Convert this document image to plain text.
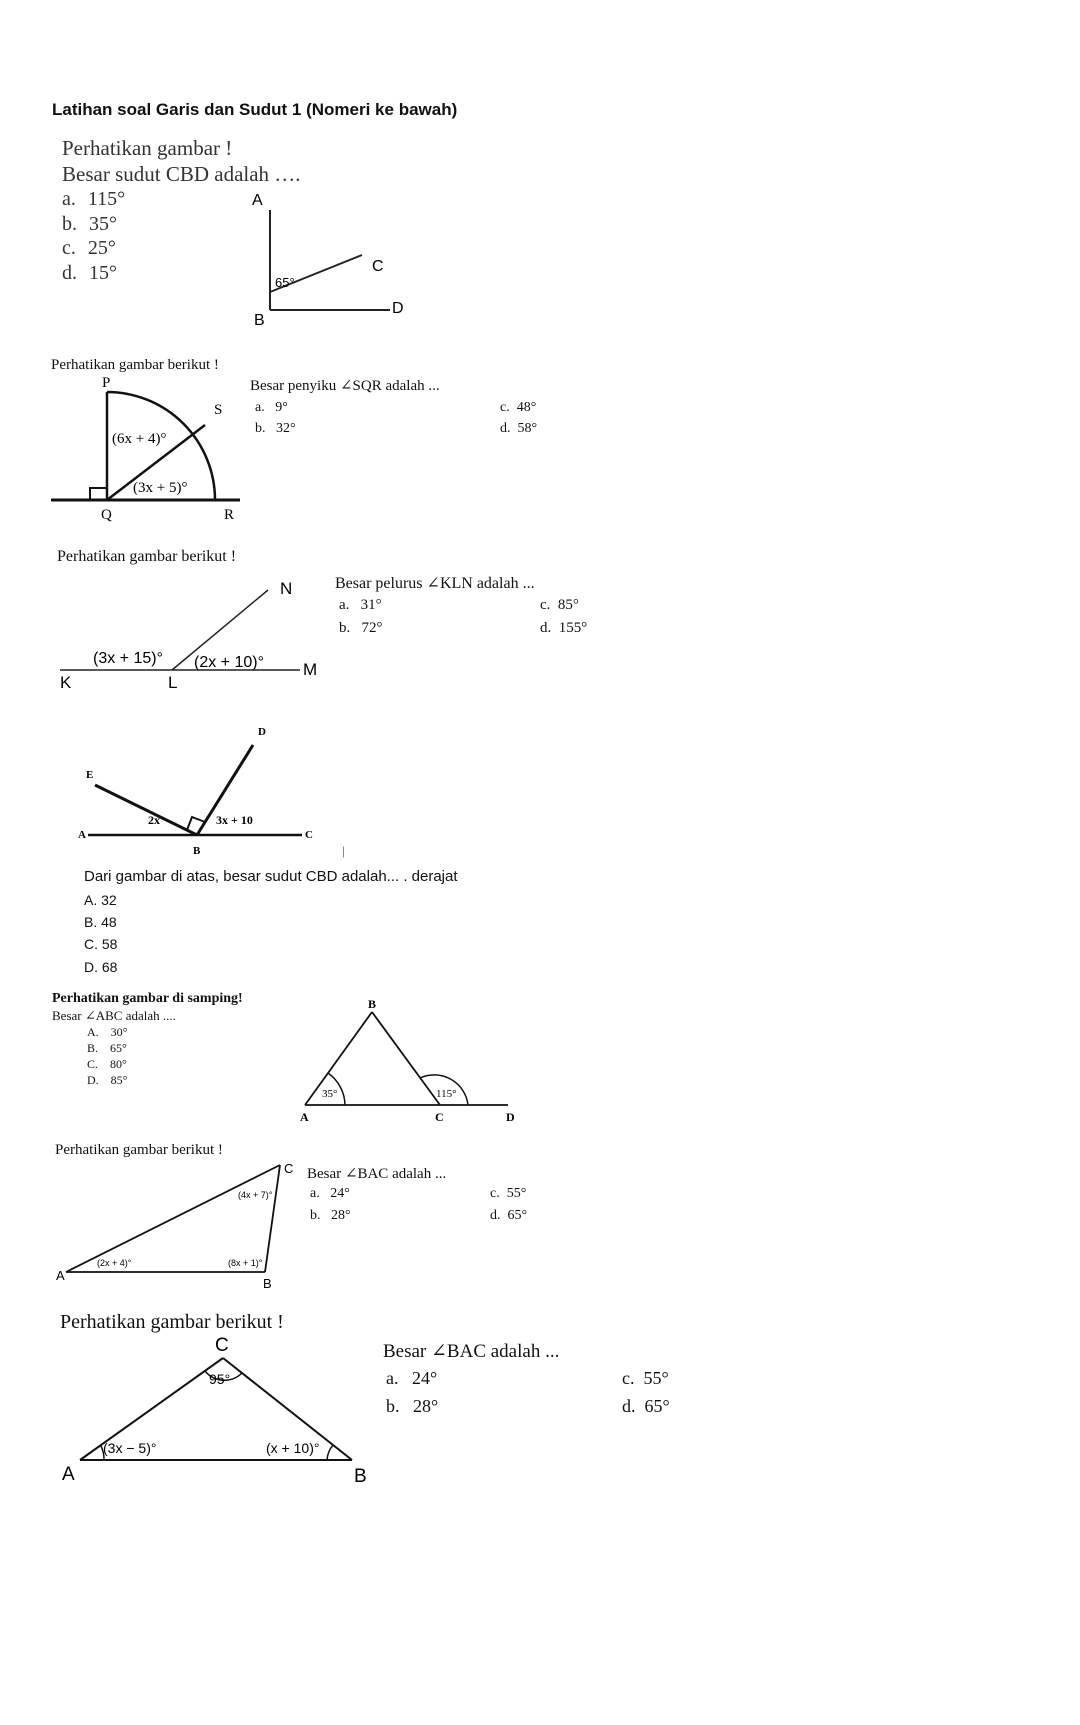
Latihan soal Garis dan Sudut 1 (Nomeri ke bawah)
Perhatikan gambar !
Besar sudut CBD adalah ….
a. 115°
b. 35°
c. 25°
d. 15°
A
B
C
D
65°
Perhatikan gambar berikut !
Besar penyiku ∠SQR adalah ...
a. 9°
b. 32°
c. 48°
d. 58°
P
S
Q	R
(6x + 4)°
(3x + 5)°
Perhatikan gambar berikut !
Besar pelurus ∠KLN adalah ...
a. 31°
b. 72°
c. 85°
d. 155°
N
K	L
M
(3x + 15)° (2x + 10)°
D
E
A
B
C
2x	3x + 10
|
Dari gambar di atas, besar sudut CBD adalah... . derajat
A. 32
B. 48
C. 58
D. 68
Perhatikan gambar di samping!
Besar ∠ABC adalah ....
A. 30°
B. 65°
C. 80°
D. 85°
B
A	C	D
35°	115°
Perhatikan gambar berikut !
Besar ∠BAC adalah ...
a. 24°
b. 28°
c. 55°
d. 65°
C
A
B
(4x + 7)°
(2x + 4)°	(8x + 1)°
Perhatikan gambar berikut !
Besar ∠BAC adalah ...
a. 24°
b. 28°
c. 55°
d. 65°
C
A	B
95°
(3x − 5)°	(x + 10)°
